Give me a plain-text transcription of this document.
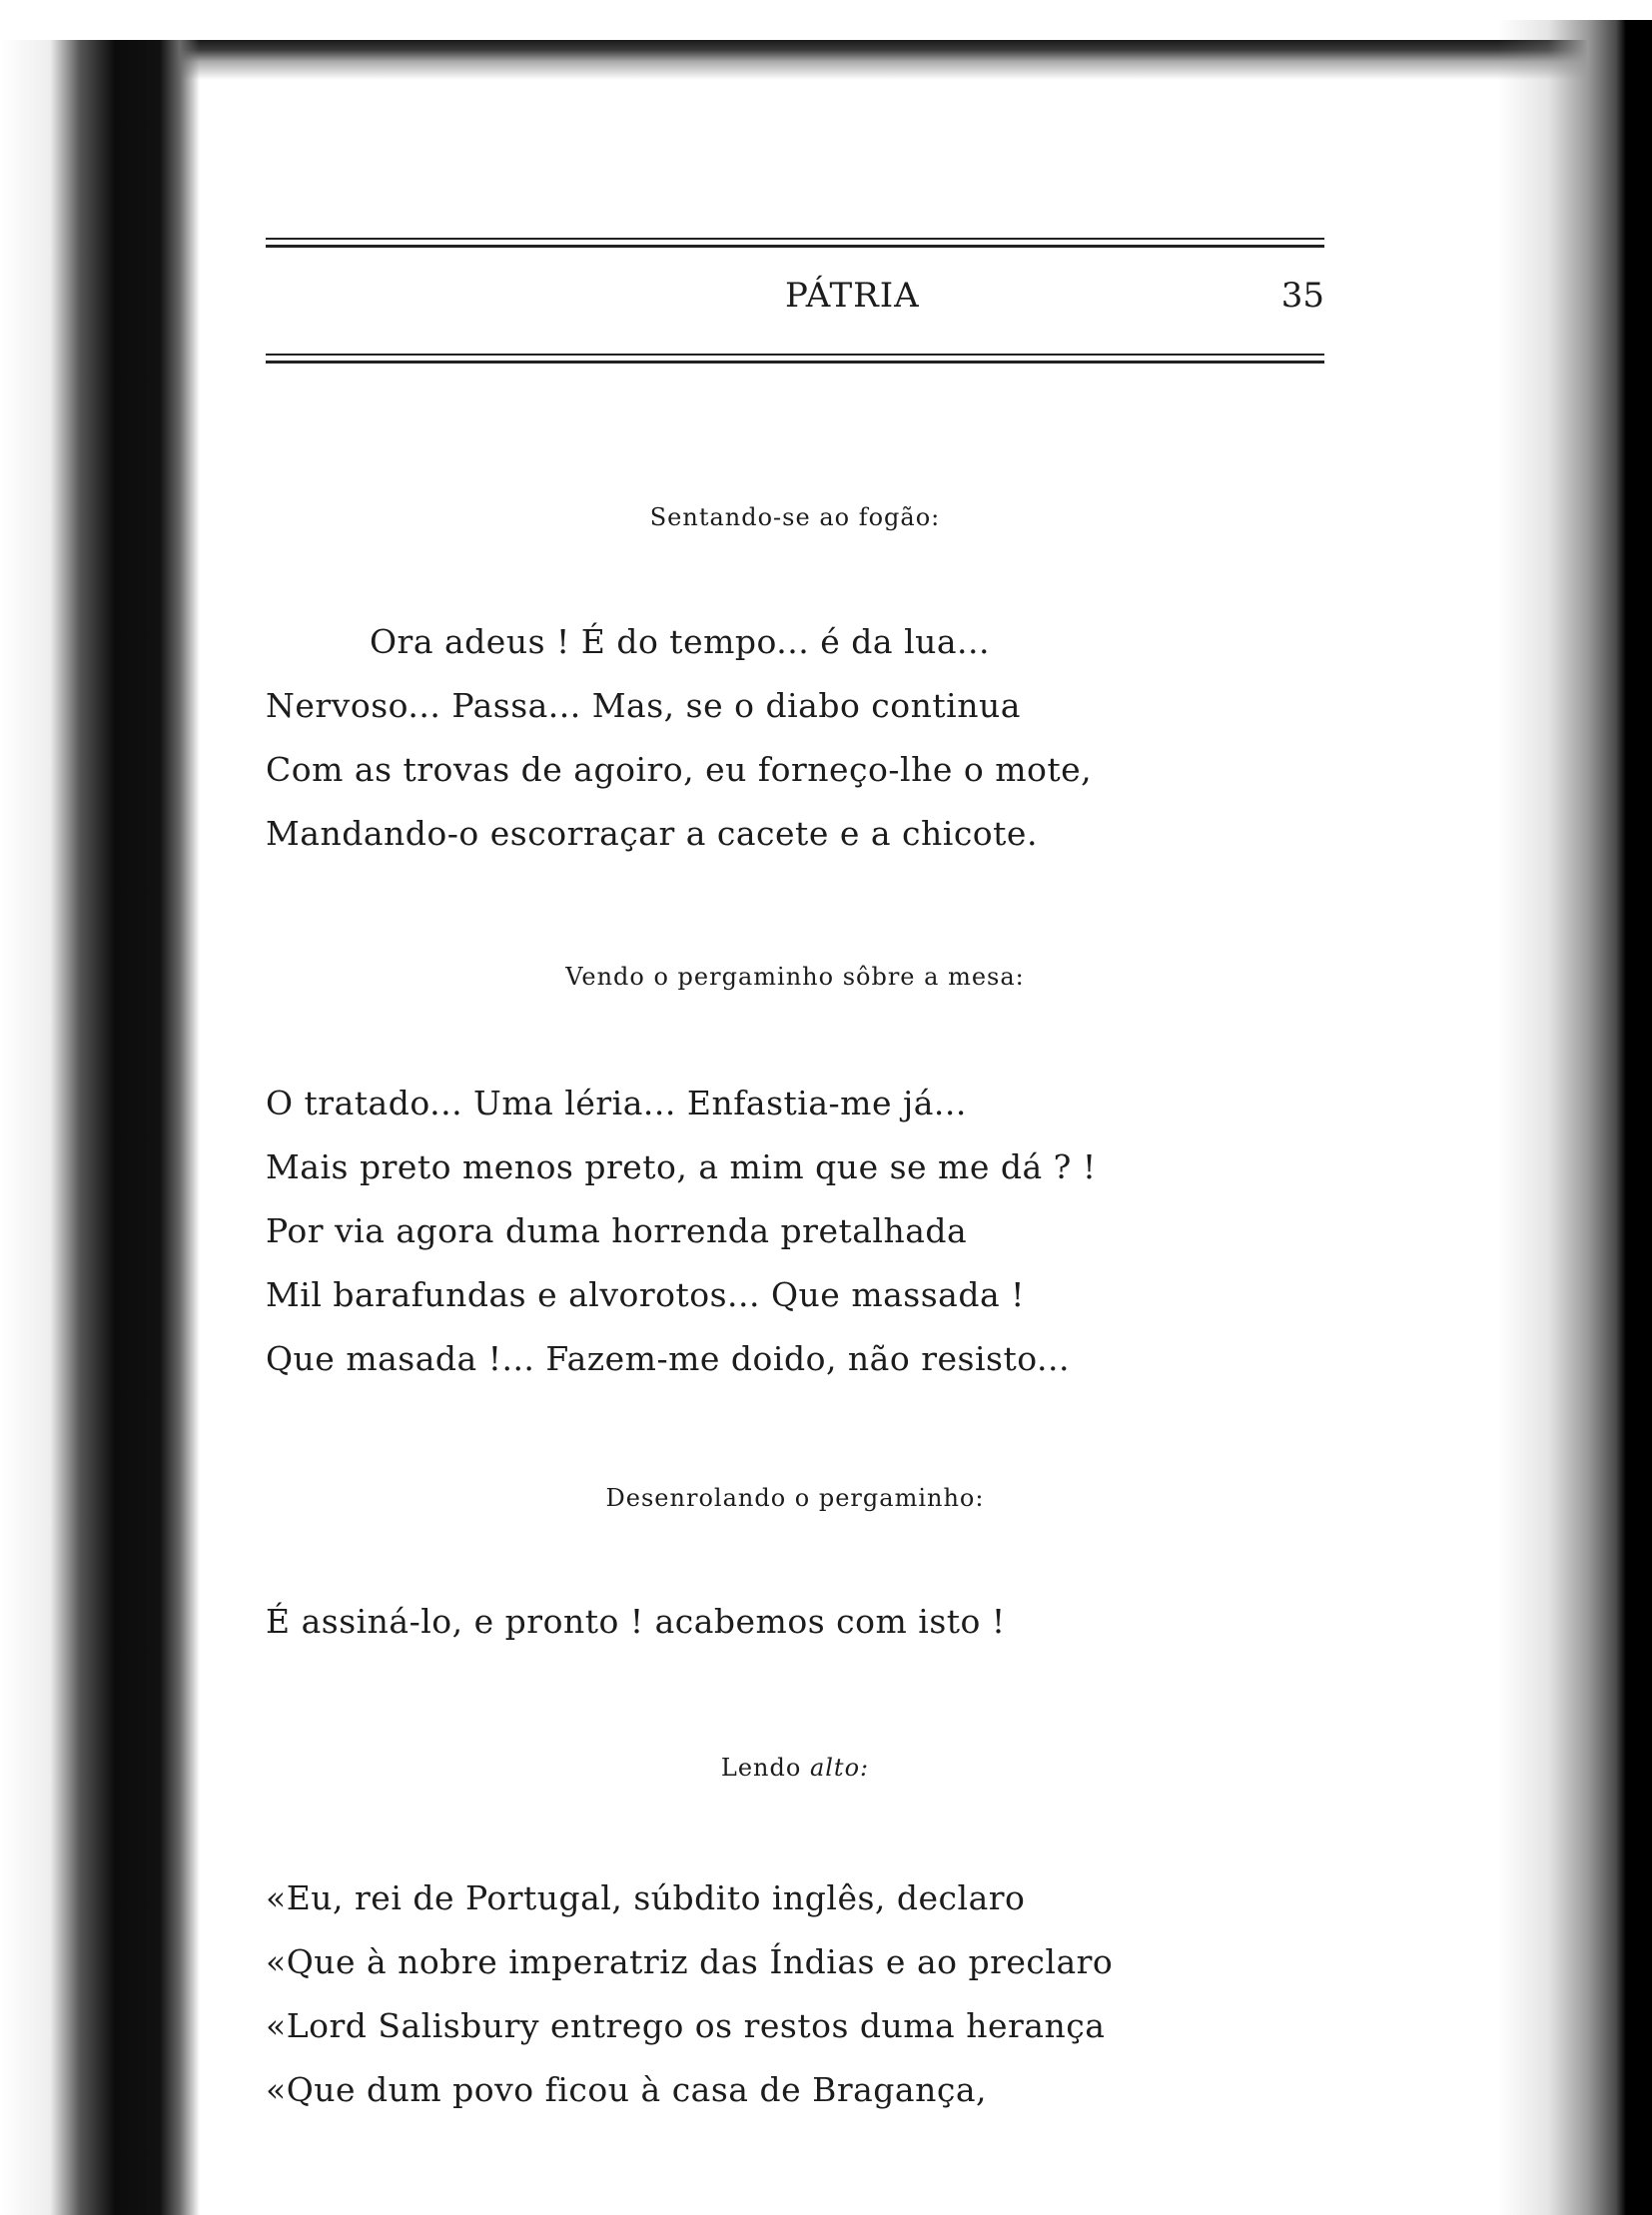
PÁTRIA	35
Sentando-se ao fogão:
Ora adeus ! É do tempo... é da lua...
Nervoso... Passa... Mas, se o diabo continua
Com as trovas de agoiro, eu forneço-lhe o mote,
Mandando-o escorraçar a cacete e a chicote.
Vendo o pergaminho sôbre a mesa:
O tratado... Uma léria... Enfastia-me já...
Mais preto menos preto, a mim que se me dá ? !
Por via agora duma horrenda pretalhada
Mil barafundas e alvorotos... Que massada !
Que masada !... Fazem-me doido, não resisto...
Desenrolando o pergaminho:
É assiná-lo, e pronto ! acabemos com isto !
Lendo alto:
«Eu, rei de Portugal, súbdito inglês, declaro
«Que à nobre imperatriz das Índias e ao preclaro
«Lord Salisbury entrego os restos duma herança
«Que dum povo ficou à casa de Bragança,
